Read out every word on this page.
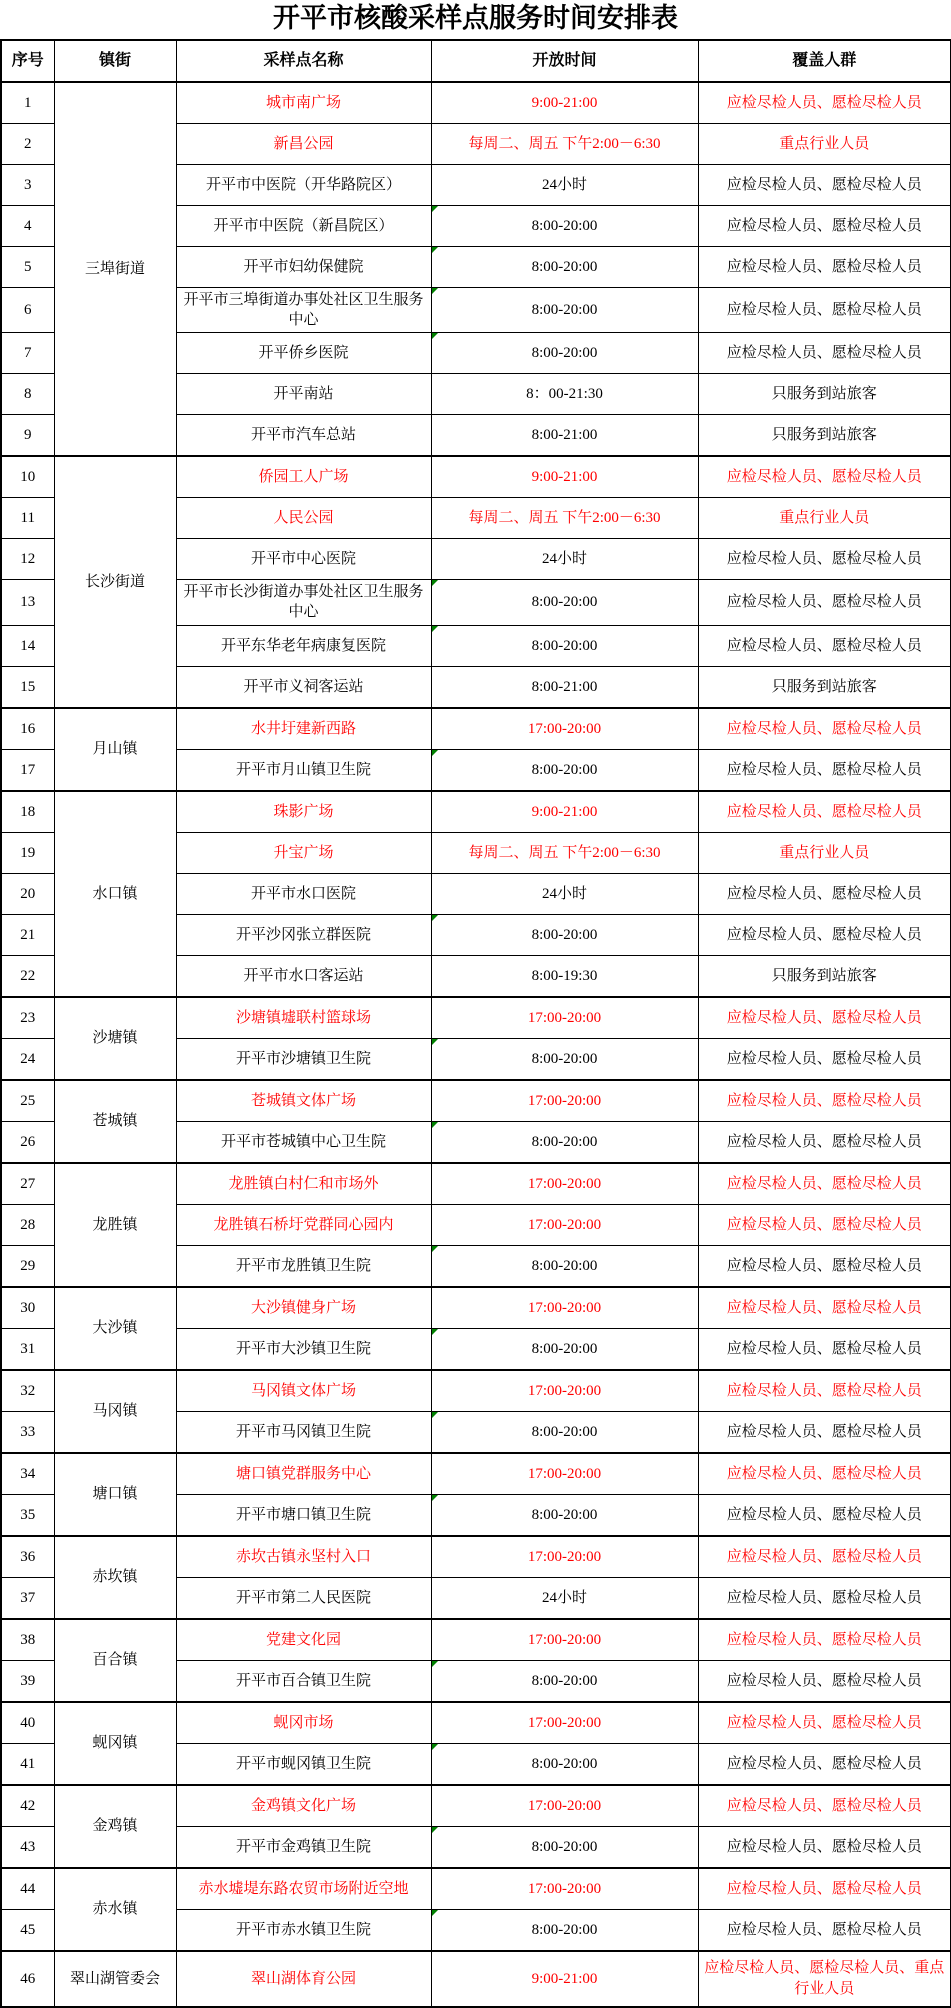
开平市核酸采样点服务时间安排表
序号	镇街	采样点名称	开放时间	覆盖人群
1	三埠街道	城市南广场	9:00-21:00	应检尽检人员、愿检尽检人员
2		新昌公园	每周二、周五 下午2:00－6:30	重点行业人员
3		开平市中医院（开华路院区）	24小时	应检尽检人员、愿检尽检人员
4		开平市中医院（新昌院区）	8:00-20:00	应检尽检人员、愿检尽检人员
5		开平市妇幼保健院	8:00-20:00	应检尽检人员、愿检尽检人员
6		开平市三埠街道办事处社区卫生服务中心	8:00-20:00	应检尽检人员、愿检尽检人员
7		开平侨乡医院	8:00-20:00	应检尽检人员、愿检尽检人员
8		开平南站	8：00-21:30	只服务到站旅客
9		开平市汽车总站	8:00-21:00	只服务到站旅客
10	长沙街道	侨园工人广场	9:00-21:00	应检尽检人员、愿检尽检人员
11		人民公园	每周二、周五 下午2:00－6:30	重点行业人员
12		开平市中心医院	24小时	应检尽检人员、愿检尽检人员
13		开平市长沙街道办事处社区卫生服务中心	8:00-20:00	应检尽检人员、愿检尽检人员
14		开平东华老年病康复医院	8:00-20:00	应检尽检人员、愿检尽检人员
15		开平市义祠客运站	8:00-21:00	只服务到站旅客
16	月山镇	水井圩建新西路	17:00-20:00	应检尽检人员、愿检尽检人员
17		开平市月山镇卫生院	8:00-20:00	应检尽检人员、愿检尽检人员
18	水口镇	珠影广场	9:00-21:00	应检尽检人员、愿检尽检人员
19		升宝广场	每周二、周五 下午2:00－6:30	重点行业人员
20		开平市水口医院	24小时	应检尽检人员、愿检尽检人员
21		开平沙冈张立群医院	8:00-20:00	应检尽检人员、愿检尽检人员
22		开平市水口客运站	8:00-19:30	只服务到站旅客
23	沙塘镇	沙塘镇墟联村篮球场	17:00-20:00	应检尽检人员、愿检尽检人员
24		开平市沙塘镇卫生院	8:00-20:00	应检尽检人员、愿检尽检人员
25	苍城镇	苍城镇文体广场	17:00-20:00	应检尽检人员、愿检尽检人员
26		开平市苍城镇中心卫生院	8:00-20:00	应检尽检人员、愿检尽检人员
27	龙胜镇	龙胜镇白村仁和市场外	17:00-20:00	应检尽检人员、愿检尽检人员
28		龙胜镇石桥圩党群同心园内	17:00-20:00	应检尽检人员、愿检尽检人员
29		开平市龙胜镇卫生院	8:00-20:00	应检尽检人员、愿检尽检人员
30	大沙镇	大沙镇健身广场	17:00-20:00	应检尽检人员、愿检尽检人员
31		开平市大沙镇卫生院	8:00-20:00	应检尽检人员、愿检尽检人员
32	马冈镇	马冈镇文体广场	17:00-20:00	应检尽检人员、愿检尽检人员
33		开平市马冈镇卫生院	8:00-20:00	应检尽检人员、愿检尽检人员
34	塘口镇	塘口镇党群服务中心	17:00-20:00	应检尽检人员、愿检尽检人员
35		开平市塘口镇卫生院	8:00-20:00	应检尽检人员、愿检尽检人员
36	赤坎镇	赤坎古镇永坚村入口	17:00-20:00	应检尽检人员、愿检尽检人员
37		开平市第二人民医院	24小时	应检尽检人员、愿检尽检人员
38	百合镇	党建文化园	17:00-20:00	应检尽检人员、愿检尽检人员
39		开平市百合镇卫生院	8:00-20:00	应检尽检人员、愿检尽检人员
40	蚬冈镇	蚬冈市场	17:00-20:00	应检尽检人员、愿检尽检人员
41		开平市蚬冈镇卫生院	8:00-20:00	应检尽检人员、愿检尽检人员
42	金鸡镇	金鸡镇文化广场	17:00-20:00	应检尽检人员、愿检尽检人员
43		开平市金鸡镇卫生院	8:00-20:00	应检尽检人员、愿检尽检人员
44	赤水镇	赤水墟堤东路农贸市场附近空地	17:00-20:00	应检尽检人员、愿检尽检人员
45		开平市赤水镇卫生院	8:00-20:00	应检尽检人员、愿检尽检人员
46	翠山湖管委会	翠山湖体育公园	9:00-21:00	应检尽检人员、愿检尽检人员、重点行业人员
